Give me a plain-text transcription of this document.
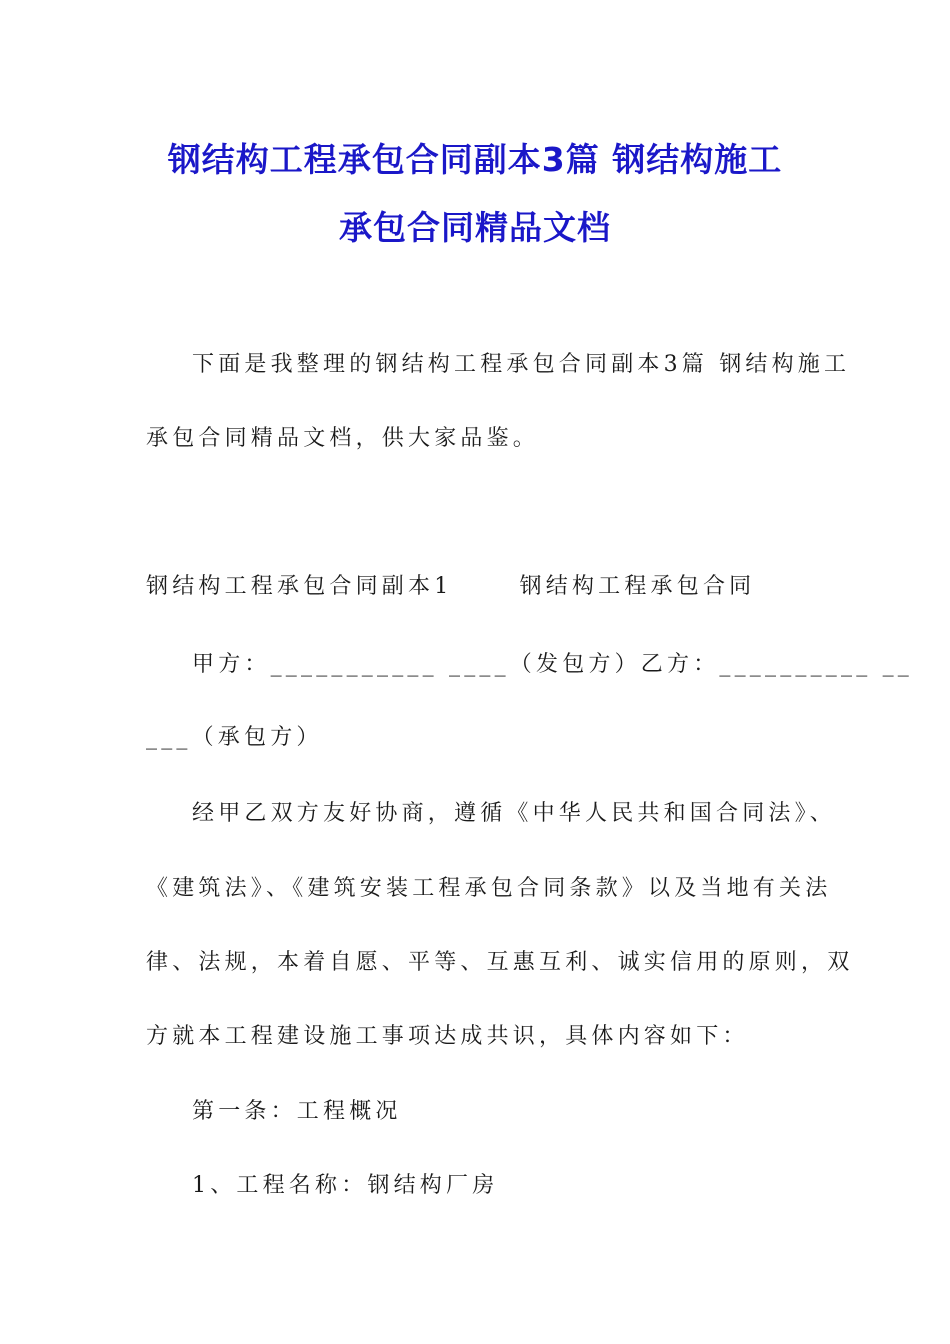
钢结构工程承包合同副本3篇 钢结构施工
承包合同精品文档
下面是我整理的钢结构工程承包合同副本3篇 钢结构施工
承包合同精品文档，供大家品鉴。
钢结构工程承包合同副本1      钢结构工程承包合同
甲方：___________ ____（发包方）乙方：__________ __
___（承包方）
经甲乙双方友好协商，遵循《中华人民共和国合同法》、
《建筑法》、《建筑安装工程承包合同条款》以及当地有关法
律、法规，本着自愿、平等、互惠互利、诚实信用的原则，双
方就本工程建设施工事项达成共识，具体内容如下：
第一条：工程概况
1、工程名称：钢结构厂房
